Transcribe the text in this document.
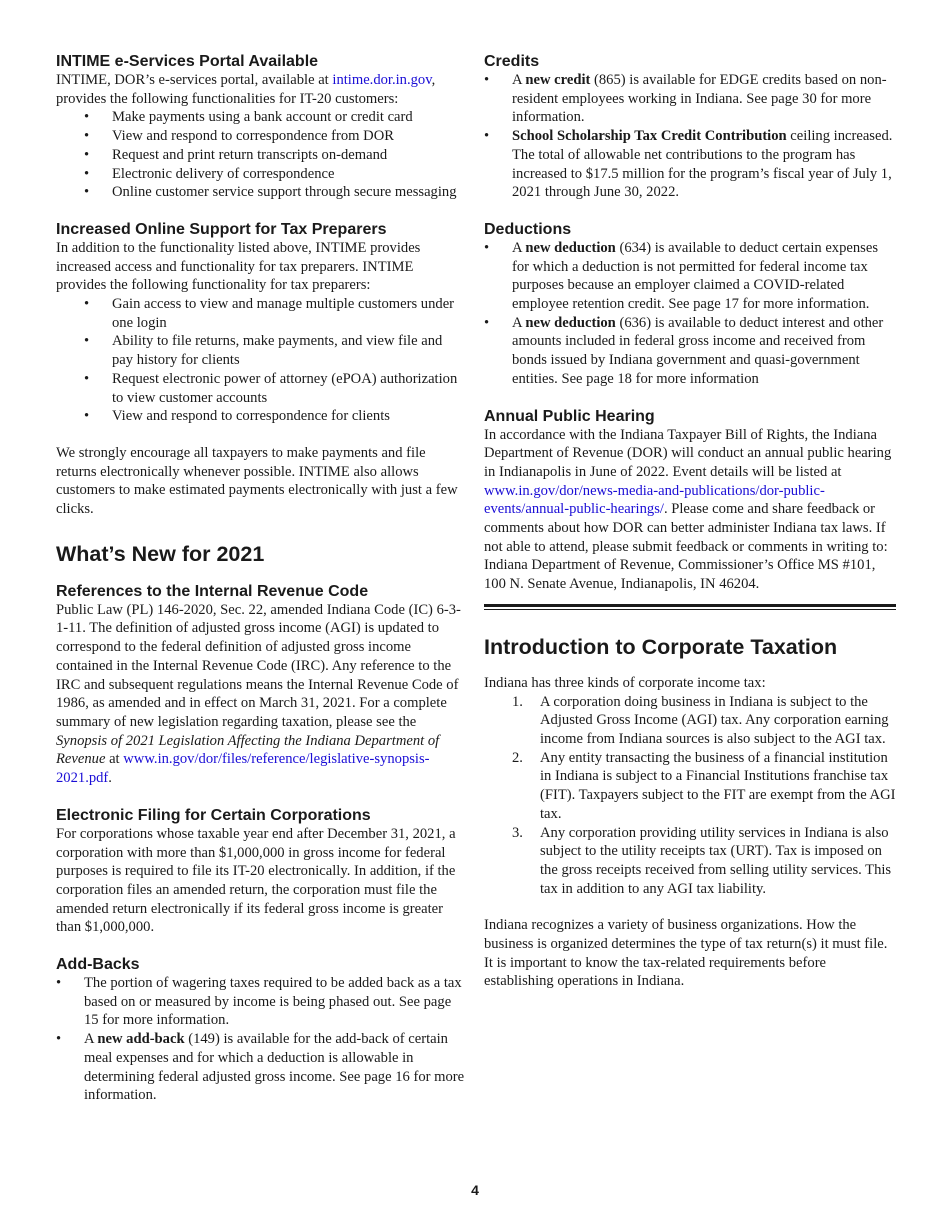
INTIME e-Services Portal Available

INTIME, DOR’s e-services portal, available at intime.dor.in.gov, provides the following functionalities for IT-20 customers:

• Make payments using a bank account or credit card
• View and respond to correspondence from DOR
• Request and print return transcripts on-demand
• Electronic delivery of correspondence
• Online customer service support through secure messaging
Increased Online Support for Tax Preparers

In addition to the functionality listed above, INTIME provides increased access and functionality for tax preparers. INTIME provides the following functionality for tax preparers:

• Gain access to view and manage multiple customers under one login
• Ability to file returns, make payments, and view file and pay history for clients
• Request electronic power of attorney (ePOA) authorization to view customer accounts
• View and respond to correspondence for clients

We strongly encourage all taxpayers to make payments and file returns electronically whenever possible. INTIME also allows customers to make estimated payments electronically with just a few clicks.

What’s New for 2021
References to the Internal Revenue Code

Public Law (PL) 146-2020, Sec. 22, amended Indiana Code (IC) 6-3-1-11. The definition of adjusted gross income (AGI) is updated to correspond to the federal definition of adjusted gross income contained in the Internal Revenue Code (IRC). Any reference to the IRC and subsequent regulations means the Internal Revenue Code of 1986, as amended and in effect on March 31, 2021. For a complete summary of new legislation regarding taxation, please see the Synopsis of 2021 Legislation Affecting the Indiana Department of Revenue at www.in.gov/dor/files/reference/legislative-synopsis-2021.pdf.

Electronic Filing for Certain Corporations

For corporations whose taxable year end after December 31, 2021, a corporation with more than $1,000,000 in gross income for federal purposes is required to file its IT-20 electronically. In addition, if the corporation files an amended return, the corporation must file the amended return electronically if its federal gross income is greater than $1,000,000.

Add-Backs
• The portion of wagering taxes required to be added back as a tax based on or measured by income is being phased out. See page 15 for more information.
• A new add-back (149) is available for the add-back of certain meal expenses and for which a deduction is allowable in determining federal adjusted gross income. See page 16 for more information.
Credits
• A new credit (865) is available for EDGE credits based on non-resident employees working in Indiana. See page 30 for more information.
• School Scholarship Tax Credit Contribution ceiling increased. The total of allowable net contributions to the program has increased to $17.5 million for the program’s fiscal year of July 1, 2021 through June 30, 2022.
Deductions
• A new deduction (634) is available to deduct certain expenses for which a deduction is not permitted for federal income tax purposes because an employer claimed a COVID-related employee retention credit. See page 17 for more information.
• A new deduction (636) is available to deduct interest and other amounts included in federal gross income and received from bonds issued by Indiana government and quasi-government entities. See page 18 for more information
Annual Public Hearing

In accordance with the Indiana Taxpayer Bill of Rights, the Indiana Department of Revenue (DOR) will conduct an annual public hearing in Indianapolis in June of 2022. Event details will be listed at www.in.gov/dor/news-media-and-publications/dor-public-events/annual-public-hearings/. Please come and share feedback or comments about how DOR can better administer Indiana tax laws. If not able to attend, please submit feedback or comments in writing to: Indiana Department of Revenue, Commissioner’s Office MS #101, 100 N. Senate Avenue, Indianapolis, IN 46204.

Introduction to Corporate Taxation

Indiana has three kinds of corporate income tax:

1. A corporation doing business in Indiana is subject to the Adjusted Gross Income (AGI) tax. Any corporation earning income from Indiana sources is also subject to the AGI tax.
2. Any entity transacting the business of a financial institution in Indiana is subject to a Financial Institutions franchise tax (FIT). Taxpayers subject to the FIT are exempt from the AGI tax.
3. Any corporation providing utility services in Indiana is also subject to the utility receipts tax (URT). Tax is imposed on the gross receipts received from selling utility services. This tax in addition to any AGI tax liability.

Indiana recognizes a variety of business organizations. How the business is organized determines the type of tax return(s) it must file. It is important to know the tax-related requirements before establishing operations in Indiana.

4
